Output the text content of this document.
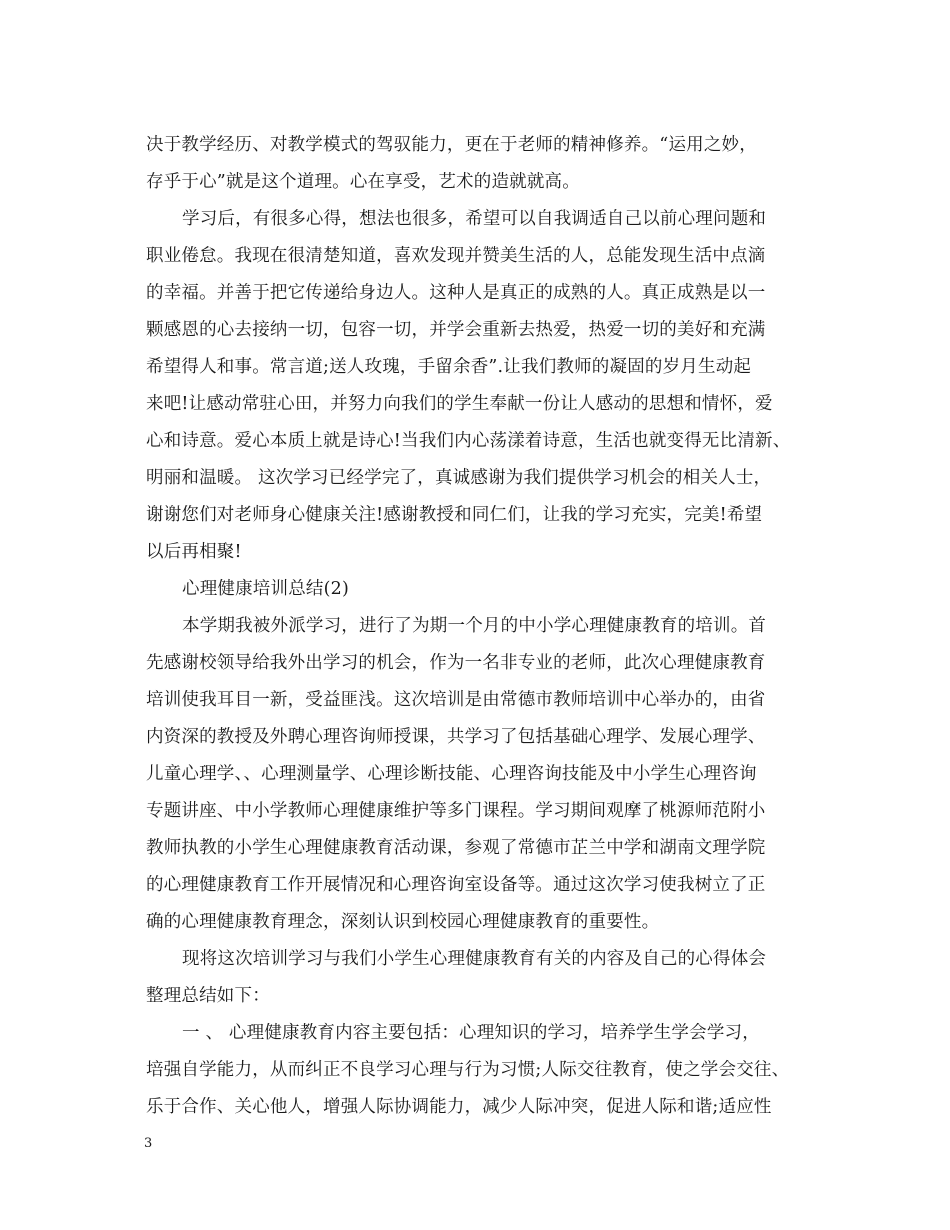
决于教学经历、对教学模式的驾驭能力，更在于老师的精神修养。“运用之妙，
存乎于心”就是这个道理。心在享受，艺术的造就就高。
学习后，有很多心得，想法也很多，希望可以自我调适自己以前心理问题和
职业倦怠。我现在很清楚知道，喜欢发现并赞美生活的人，总能发现生活中点滴
的幸福。并善于把它传递给身边人。这种人是真正的成熟的人。真正成熟是以一
颗感恩的心去接纳一切，包容一切，并学会重新去热爱，热爱一切的美好和充满
希望得人和事。常言道;送人玫瑰，手留余香”.让我们教师的凝固的岁月生动起
来吧!让感动常驻心田，并努力向我们的学生奉献一份让人感动的思想和情怀，爱
心和诗意。爱心本质上就是诗心!当我们内心荡漾着诗意，生活也就变得无比清新、
明丽和温暖。 这次学习已经学完了，真诚感谢为我们提供学习机会的相关人士，
谢谢您们对老师身心健康关注!感谢教授和同仁们，让我的学习充实，完美!希望
以后再相聚!
心理健康培训总结(2)
本学期我被外派学习，进行了为期一个月的中小学心理健康教育的培训。首
先感谢校领导给我外出学习的机会，作为一名非专业的老师，此次心理健康教育
培训使我耳目一新，受益匪浅。这次培训是由常德市教师培训中心举办的，由省
内资深的教授及外聘心理咨询师授课，共学习了包括基础心理学、发展心理学、
儿童心理学、、心理测量学、心理诊断技能、心理咨询技能及中小学生心理咨询
专题讲座、中小学教师心理健康维护等多门课程。学习期间观摩了桃源师范附小
教师执教的小学生心理健康教育活动课，参观了常德市芷兰中学和湖南文理学院
的心理健康教育工作开展情况和心理咨询室设备等。通过这次学习使我树立了正
确的心理健康教育理念，深刻认识到校园心理健康教育的重要性。
现将这次培训学习与我们小学生心理健康教育有关的内容及自己的心得体会
整理总结如下：
一 、 心理健康教育内容主要包括：心理知识的学习，培养学生学会学习，
培强自学能力，从而纠正不良学习心理与行为习惯;人际交往教育，使之学会交往、
乐于合作、关心他人，增强人际协调能力，减少人际冲突，促进人际和谐;适应性
3
